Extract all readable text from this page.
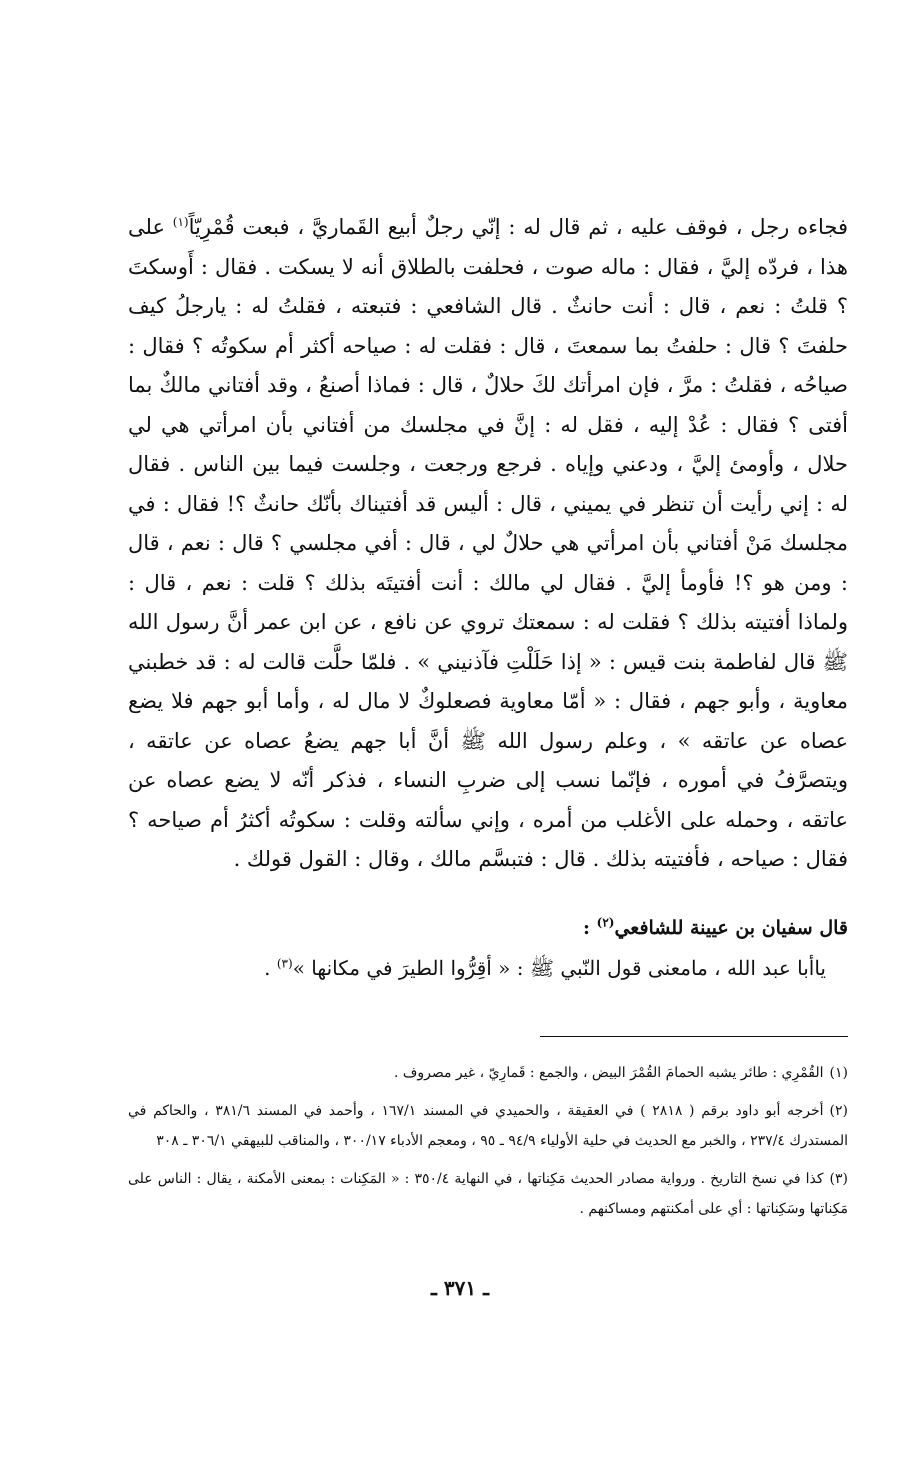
فجاءه رجل ، فوقف عليه ، ثم قال له : إنّي رجلٌ أبيع القَماريَّ ، فبعت قُمْرِيّاً$^{(١)}$ على هذا ، فردّه إليَّ ، فقال : ماله صوت ، فحلفت بالطلاق أنه لا يسكت . فقال : أَوسكتَ ؟ قلتُ : نعم ، قال : أنت حانثٌ . قال الشافعي : فتبعته ، فقلتُ له : يارجلُ كيف حلفتَ ؟ قال : حلفتُ بما سمعتَ ، قال : فقلت له : صياحه أكثر أم سكوتُه ؟ فقال : صياحُه ، فقلتُ : مرَّ ، فإن امرأتك لكَ حلالٌ ، قال : فماذا أصنعُ ، وقد أفتاني مالكٌ بما أفتى ؟ فقال : عُدْ إليه ، فقل له : إنَّ في مجلسك من أفتاني بأن امرأتي هي لي حلال ، وأومئ إليَّ ، ودعني وإياه . فرجع ورجعت ، وجلست فيما بين الناس . فقال له : إني رأيت أن تنظر في يميني ، قال : أليس قد أفتيناك بأنّك حانثٌ ؟! فقال : في مجلسك مَنْ أفتاني بأن امرأتي هي حلالٌ لي ، قال : أفي مجلسي ؟ قال : نعم ، قال : ومن هو ؟! فأومأ إليَّ . فقال لي مالك : أنت أفتيتَه بذلك ؟ قلت : نعم ، قال : ولماذا أفتيته بذلك ؟ فقلت له : سمعتك تروي عن نافع ، عن ابن عمر أنَّ رسول الله ﷺ قال لفاطمة بنت قيس : « إذا حَلَلْتِ فآذنيني » . فلمّا حلَّت قالت له : قد خطبني معاوية ، وأبو جهم ، فقال : « أمّا معاوية فصعلوكٌ لا مال له ، وأما أبو جهم فلا يضع عصاه عن عاتقه » ، وعلم رسول الله ﷺ أنَّ أبا جهم يضعُ عصاه عن عاتقه ، ويتصرَّفُ في أموره ، فإنّما نسب إلى ضربِ النساء ، فذكر أنّه لا يضع عصاه عن عاتقه ، وحمله على الأغلب من أمره ، وإني سألته وقلت : سكوتُه أكثرُ أم صياحه ؟ فقال : صياحه ، فأفتيته بذلك . قال : فتبسَّم مالك ، وقال : القول قولك .

قال سفيان بن عيينة للشافعي$^{(٢)}$ :

ياأبا عبد الله ، مامعنى قول النّبي ﷺ : « أقِرُّوا الطيرَ في مكانها »$^{(٣)}$ .

(١)القُمْرِي : طائر يشبه الحمامَ القُمْرَ البيض ، والجمع : قَمارِيّ ، غير مصروف .

(٢)أخرجه أبو داود برقم ( ٢٨١٨ ) في العقيقة ، والحميدي في المسند ١٦٧/١ ، وأحمد في المسند ٣٨١/٦ ، والحاكم في المستدرك ٢٣٧/٤ ، والخبر مع الحديث في حلية الأولياء ٩٤/٩ ـ ٩٥ ، ومعجم الأدباء ٣٠٠/١٧ ، والمناقب للبيهقي ٣٠٦/١ ـ ٣٠٨

(٣)كذا في نسخ التاريخ . ورواية مصادر الحديث مَكِناتها ، في النهاية ٣٥٠/٤ : « المَكِنات : بمعنى الأمكنة ، يقال : الناس على مَكِناتها وسَكِناتها : أي على أمكنتهم ومساكنهم .

ـ ٣٧١ ـ
